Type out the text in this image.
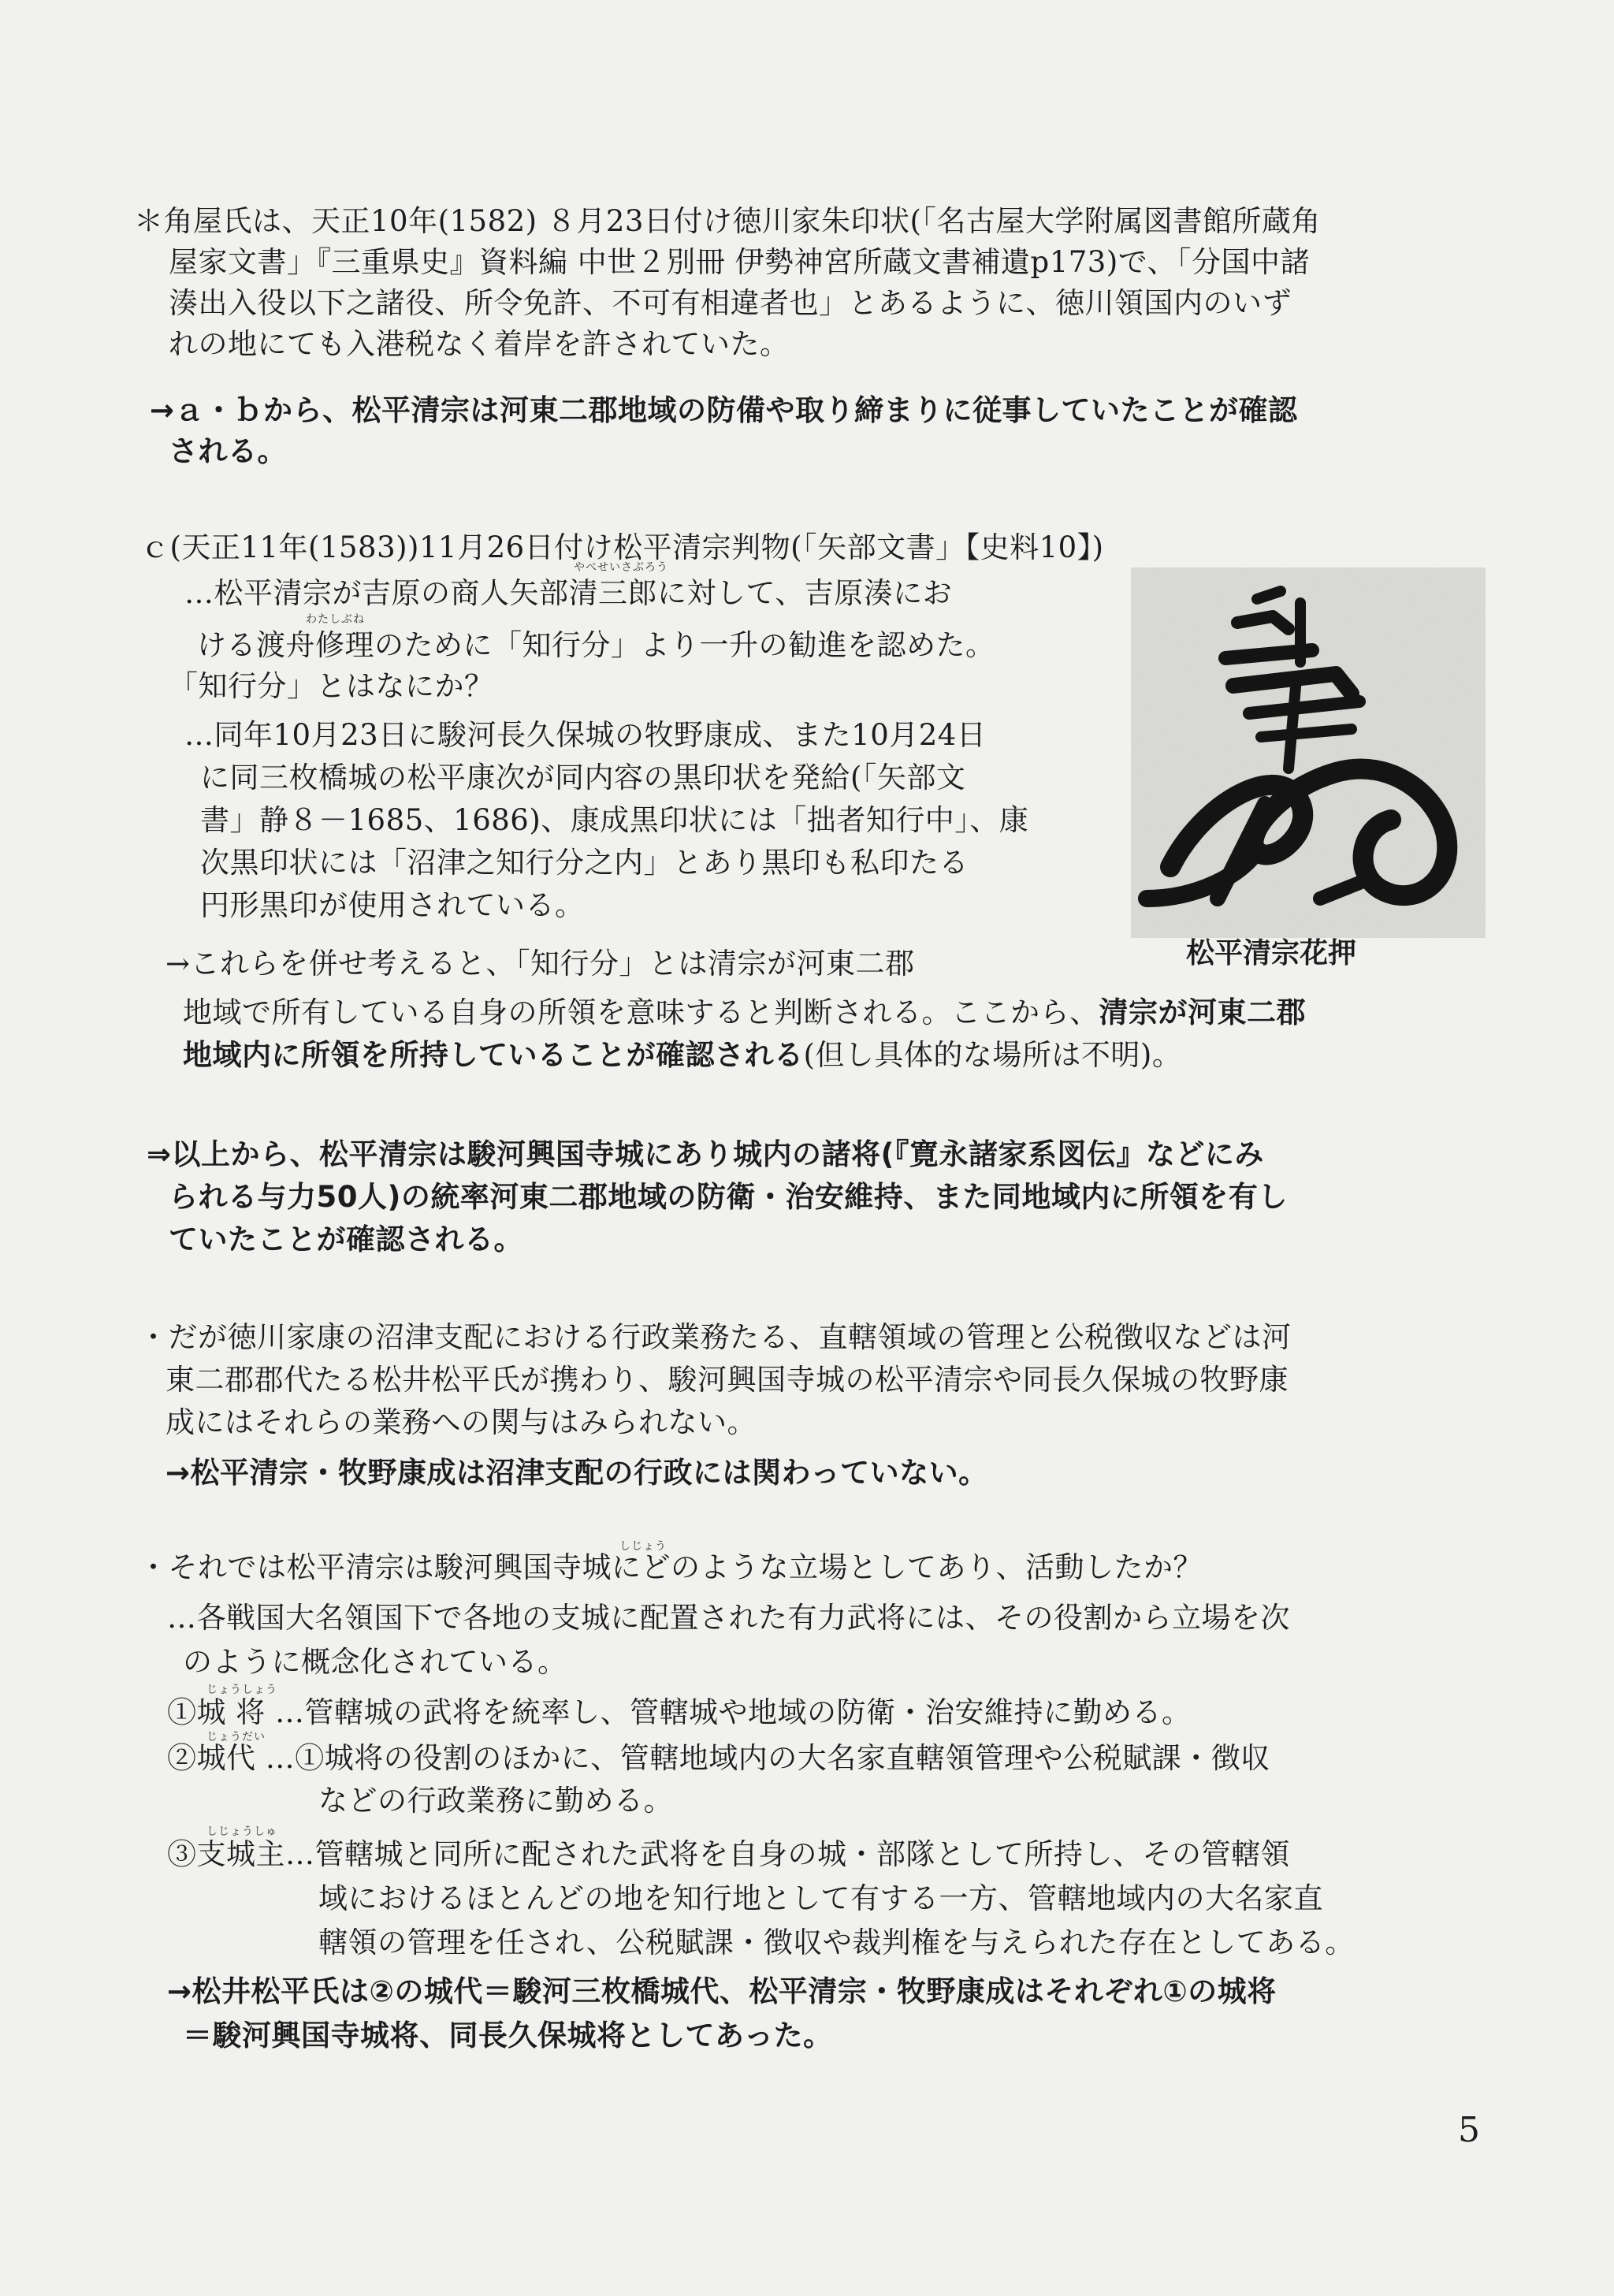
＊角屋氏は、天正10年(1582) ８月23日付け徳川家朱印状(「名古屋大学附属図書館所蔵角
屋家文書」『三重県史』資料編 中世２別冊 伊勢神宮所蔵文書補遺p173)で、「分国中諸
湊出入役以下之諸役、所令免許、不可有相違者也」とあるように、徳川領国内のいず
れの地にても入港税なく着岸を許されていた。
→ａ・ｂから、松平清宗は河東二郡地域の防備や取り締まりに従事していたことが確認
される。
ｃ(天正11年(1583))11月26日付け松平清宗判物(「矢部文書」【史料10】)
やべせいさぶろう
…松平清宗が吉原の商人矢部清三郎に対して、吉原湊にお
わたしぶね
ける渡舟修理のために「知行分」より一升の勧進を認めた。
「知行分」とはなにか？
…同年10月23日に駿河長久保城の牧野康成、また10月24日
に同三枚橋城の松平康次が同内容の黒印状を発給(「矢部文
書」静８－1685、1686)、康成黒印状には「拙者知行中」、康
次黒印状には「沼津之知行分之内」とあり黒印も私印たる
円形黒印が使用されている。
→これらを併せ考えると、「知行分」とは清宗が河東二郡
地域で所有している自身の所領を意味すると判断される。ここから、清宗が河東二郡
地域内に所領を所持していることが確認される(但し具体的な場所は不明)。
松平清宗花押
⇒以上から、松平清宗は駿河興国寺城にあり城内の諸将(『寛永諸家系図伝』などにみ
られる与力50人)の統率河東二郡地域の防衛・治安維持、また同地域内に所領を有し
ていたことが確認される。
・だが徳川家康の沼津支配における行政業務たる、直轄領域の管理と公税徴収などは河
東二郡郡代たる松井松平氏が携わり、駿河興国寺城の松平清宗や同長久保城の牧野康
成にはそれらの業務への関与はみられない。
→松平清宗・牧野康成は沼津支配の行政には関わっていない。
しじょう
・それでは松平清宗は駿河興国寺城にどのような立場としてあり、活動したか？
…各戦国大名領国下で各地の支城に配置された有力武将には、その役割から立場を次
のように概念化されている。
じょうしょう
①城 将 …管轄城の武将を統率し、管轄城や地域の防衛・治安維持に勤める。
じょうだい
②城代 …①城将の役割のほかに、管轄地域内の大名家直轄領管理や公税賦課・徴収
などの行政業務に勤める。
しじょうしゅ
③支城主…管轄城と同所に配された武将を自身の城・部隊として所持し、その管轄領
域におけるほとんどの地を知行地として有する一方、管轄地域内の大名家直
轄領の管理を任され、公税賦課・徴収や裁判権を与えられた存在としてある。
→松井松平氏は②の城代＝駿河三枚橋城代、松平清宗・牧野康成はそれぞれ①の城将
＝駿河興国寺城将、同長久保城将としてあった。
5
